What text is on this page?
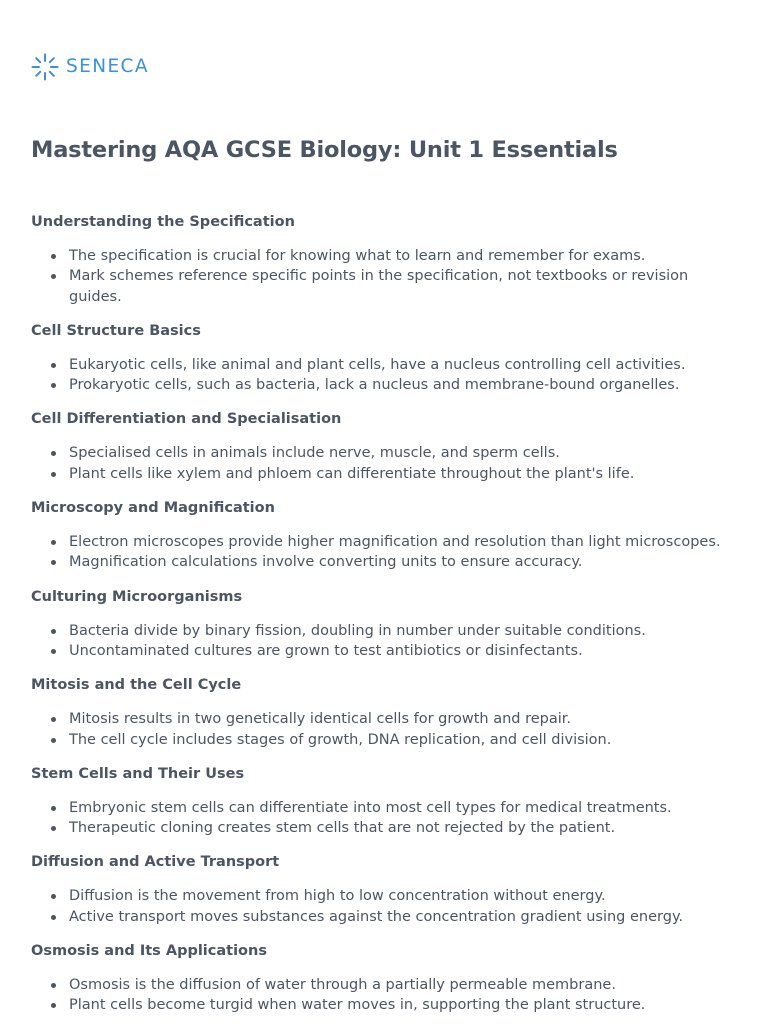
SENECA
Mastering AQA GCSE Biology: Unit 1 Essentials
Understanding the Specification
The specification is crucial for knowing what to learn and remember for exams.
Mark schemes reference specific points in the specification, not textbooks or revision guides.
Cell Structure Basics
Eukaryotic cells, like animal and plant cells, have a nucleus controlling cell activities.
Prokaryotic cells, such as bacteria, lack a nucleus and membrane-bound organelles.
Cell Differentiation and Specialisation
Specialised cells in animals include nerve, muscle, and sperm cells.
Plant cells like xylem and phloem can differentiate throughout the plant's life.
Microscopy and Magnification
Electron microscopes provide higher magnification and resolution than light microscopes.
Magnification calculations involve converting units to ensure accuracy.
Culturing Microorganisms
Bacteria divide by binary fission, doubling in number under suitable conditions.
Uncontaminated cultures are grown to test antibiotics or disinfectants.
Mitosis and the Cell Cycle
Mitosis results in two genetically identical cells for growth and repair.
The cell cycle includes stages of growth, DNA replication, and cell division.
Stem Cells and Their Uses
Embryonic stem cells can differentiate into most cell types for medical treatments.
Therapeutic cloning creates stem cells that are not rejected by the patient.
Diffusion and Active Transport
Diffusion is the movement from high to low concentration without energy.
Active transport moves substances against the concentration gradient using energy.
Osmosis and Its Applications
Osmosis is the diffusion of water through a partially permeable membrane.
Plant cells become turgid when water moves in, supporting the plant structure.
